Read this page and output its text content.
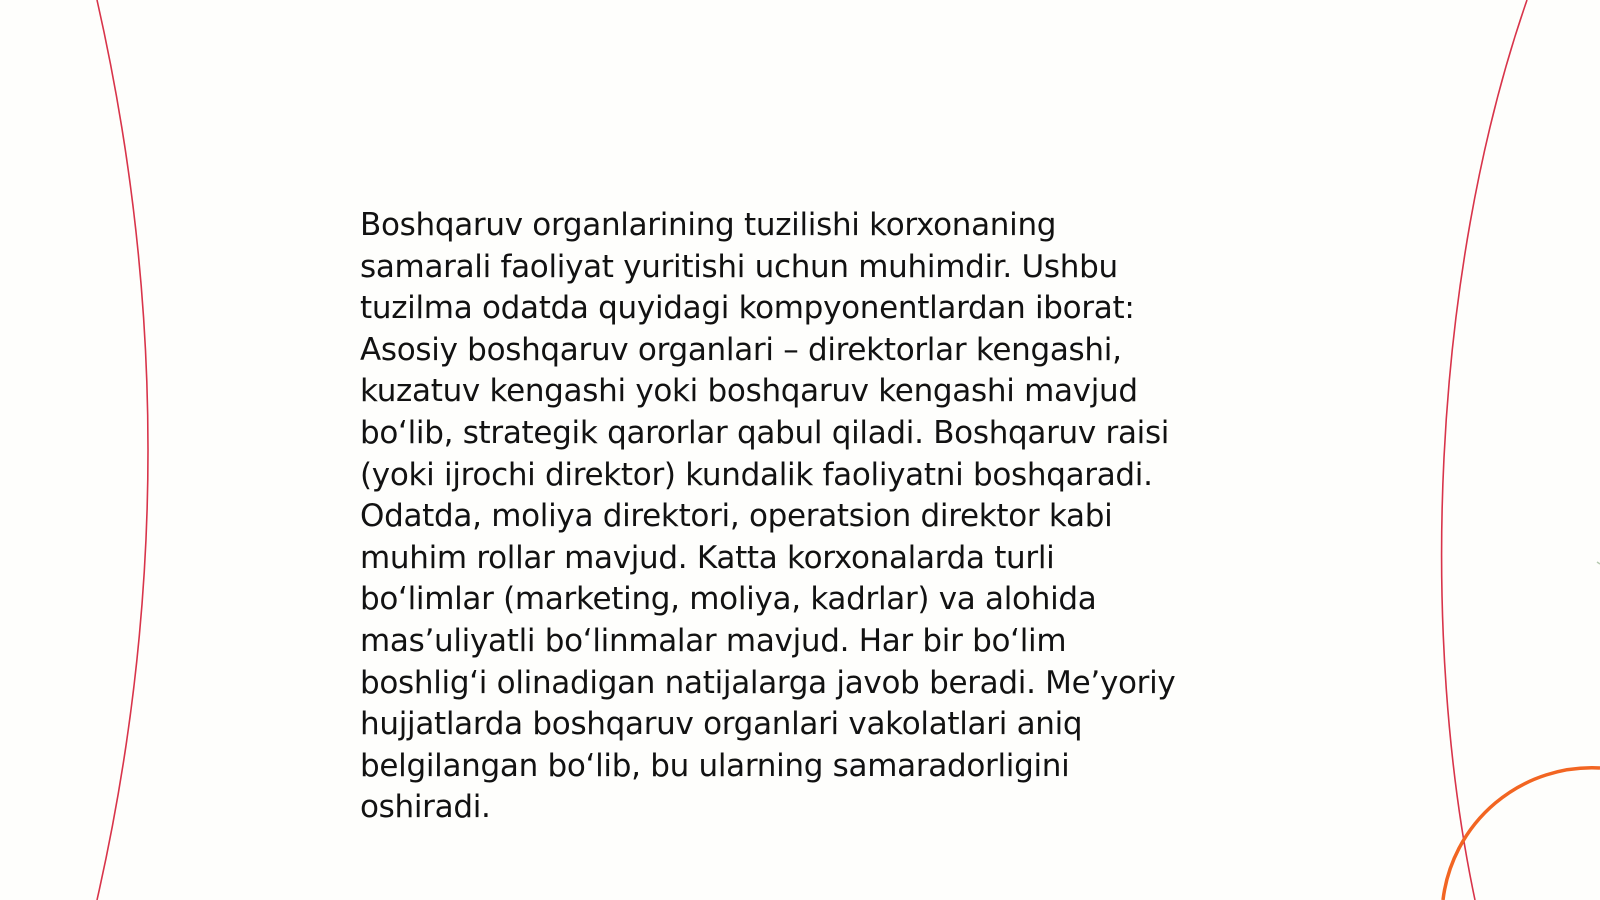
Boshqaruv organlarining tuzilishi korxonaning
samarali faoliyat yuritishi uchun muhimdir. Ushbu
tuzilma odatda quyidagi kompyonentlardan iborat:
Asosiy boshqaruv organlari – direktorlar kengashi,
kuzatuv kengashi yoki boshqaruv kengashi mavjud
bo‘lib, strategik qarorlar qabul qiladi. Boshqaruv raisi
(yoki ijrochi direktor) kundalik faoliyatni boshqaradi.
Odatda, moliya direktori, operatsion direktor kabi
muhim rollar mavjud. Katta korxonalarda turli
bo‘limlar (marketing, moliya, kadrlar) va alohida
mas’uliyatli bo‘linmalar mavjud. Har bir bo‘lim
boshlig‘i olinadigan natijalarga javob beradi. Me’yoriy
hujjatlarda boshqaruv organlari vakolatlari aniq
belgilangan bo‘lib, bu ularning samaradorligini
oshiradi.
